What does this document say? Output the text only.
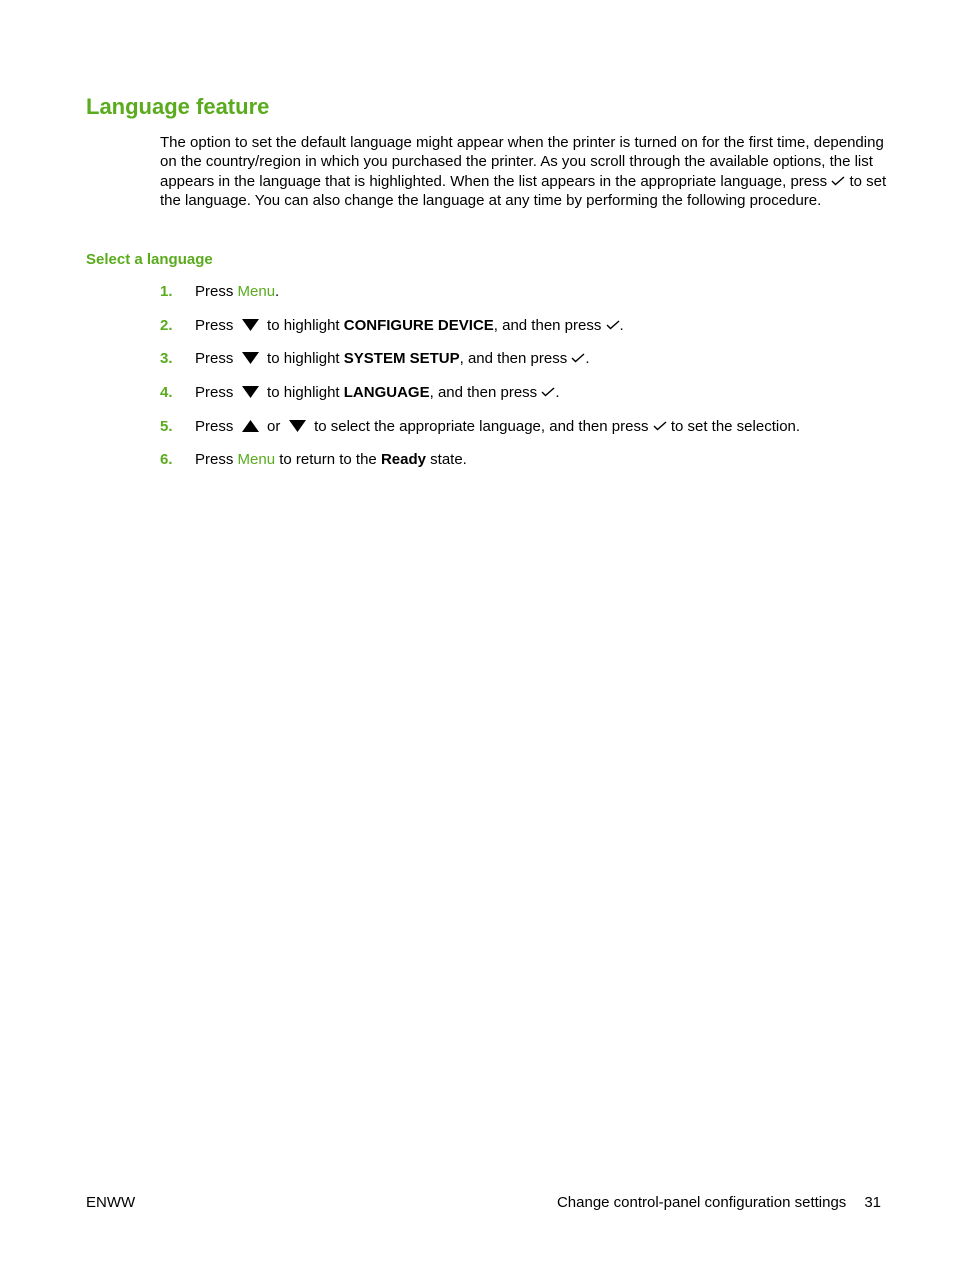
Language feature

The option to set the default language might appear when the printer is turned on for the first time, depending on the country/region in which you purchased the printer. As you scroll through the available options, the list appears in the language that is highlighted. When the list appears in the appropriate language, press to set the language. You can also change the language at any time by performing the following procedure.

Select a language
1. Press Menu.
2. Press to highlight CONFIGURE DEVICE, and then press .
3. Press to highlight SYSTEM SETUP, and then press .
4. Press to highlight LANGUAGE, and then press .
5. Press or to select the appropriate language, and then press to set the selection.
6. Press Menu to return to the Ready state.
ENWW	Change control-panel configuration settings 31
